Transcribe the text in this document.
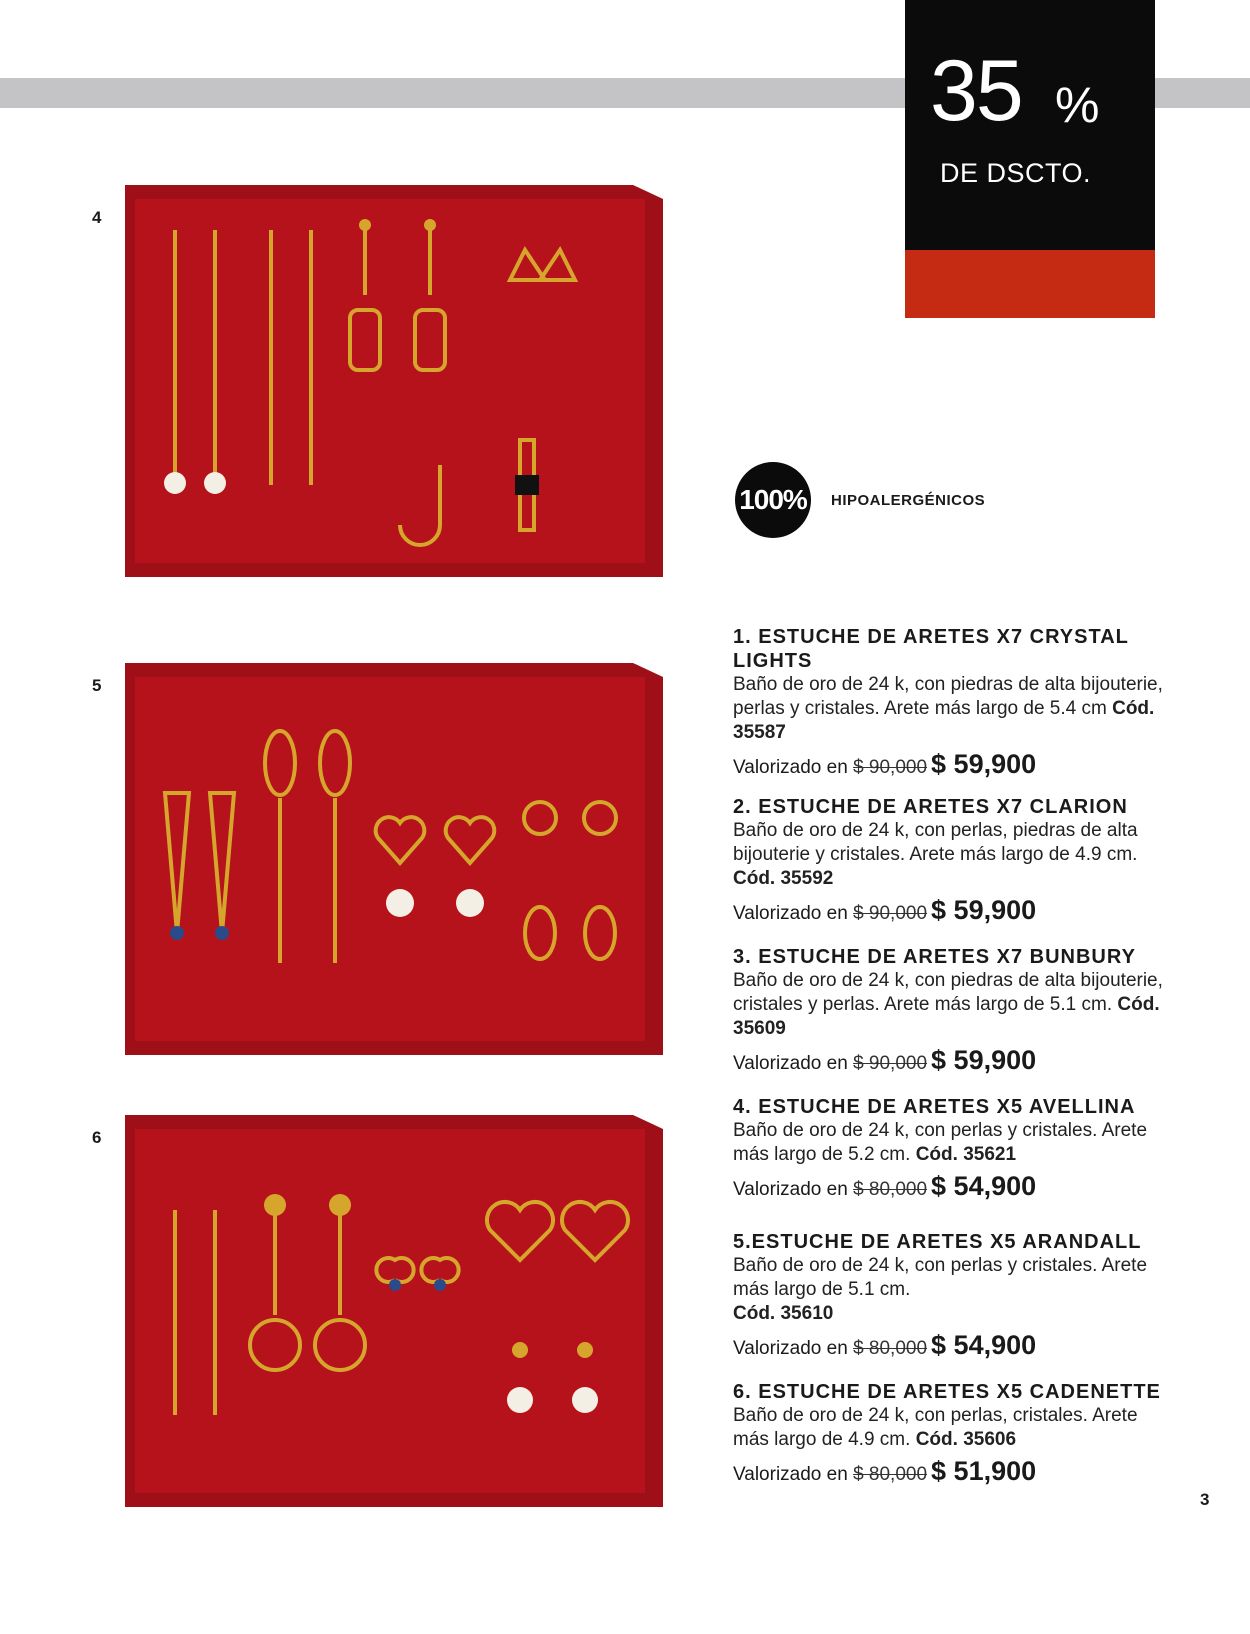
35 %
DE DSCTO.
4
5
6
100% HIPOALERGÉNICOS
1. ESTUCHE DE ARETES X7 CRYSTAL LIGHTS
Baño de oro de 24 k, con piedras de alta bijouterie, perlas y cristales. Arete más largo de 5.4 cm Cód. 35587
Valorizado en $ 90,000 $ 59,900
2. ESTUCHE DE ARETES X7 CLARION
Baño de oro de 24 k, con perlas, piedras de alta bijouterie y cristales. Arete más largo de 4.9 cm. Cód. 35592
Valorizado en $ 90,000 $ 59,900
3. ESTUCHE DE ARETES X7 BUNBURY
Baño de oro de 24 k, con piedras de alta bijouterie, cristales y perlas. Arete más largo de 5.1 cm. Cód. 35609
Valorizado en $ 90,000 $ 59,900
4. ESTUCHE DE ARETES X5 AVELLINA
Baño de oro de 24 k, con perlas y cristales. Arete más largo de 5.2 cm. Cód. 35621
Valorizado en $ 80,000 $ 54,900
5.ESTUCHE DE ARETES X5 ARANDALL
Baño de oro de 24 k, con perlas y cristales. Arete más largo de 5.1 cm.
Cód. 35610
Valorizado en $ 80,000 $ 54,900
6. ESTUCHE DE ARETES X5 CADENETTE
Baño de oro de 24 k, con perlas, cristales. Arete más largo de 4.9 cm. Cód. 35606
Valorizado en $ 80,000 $ 51,900
3
